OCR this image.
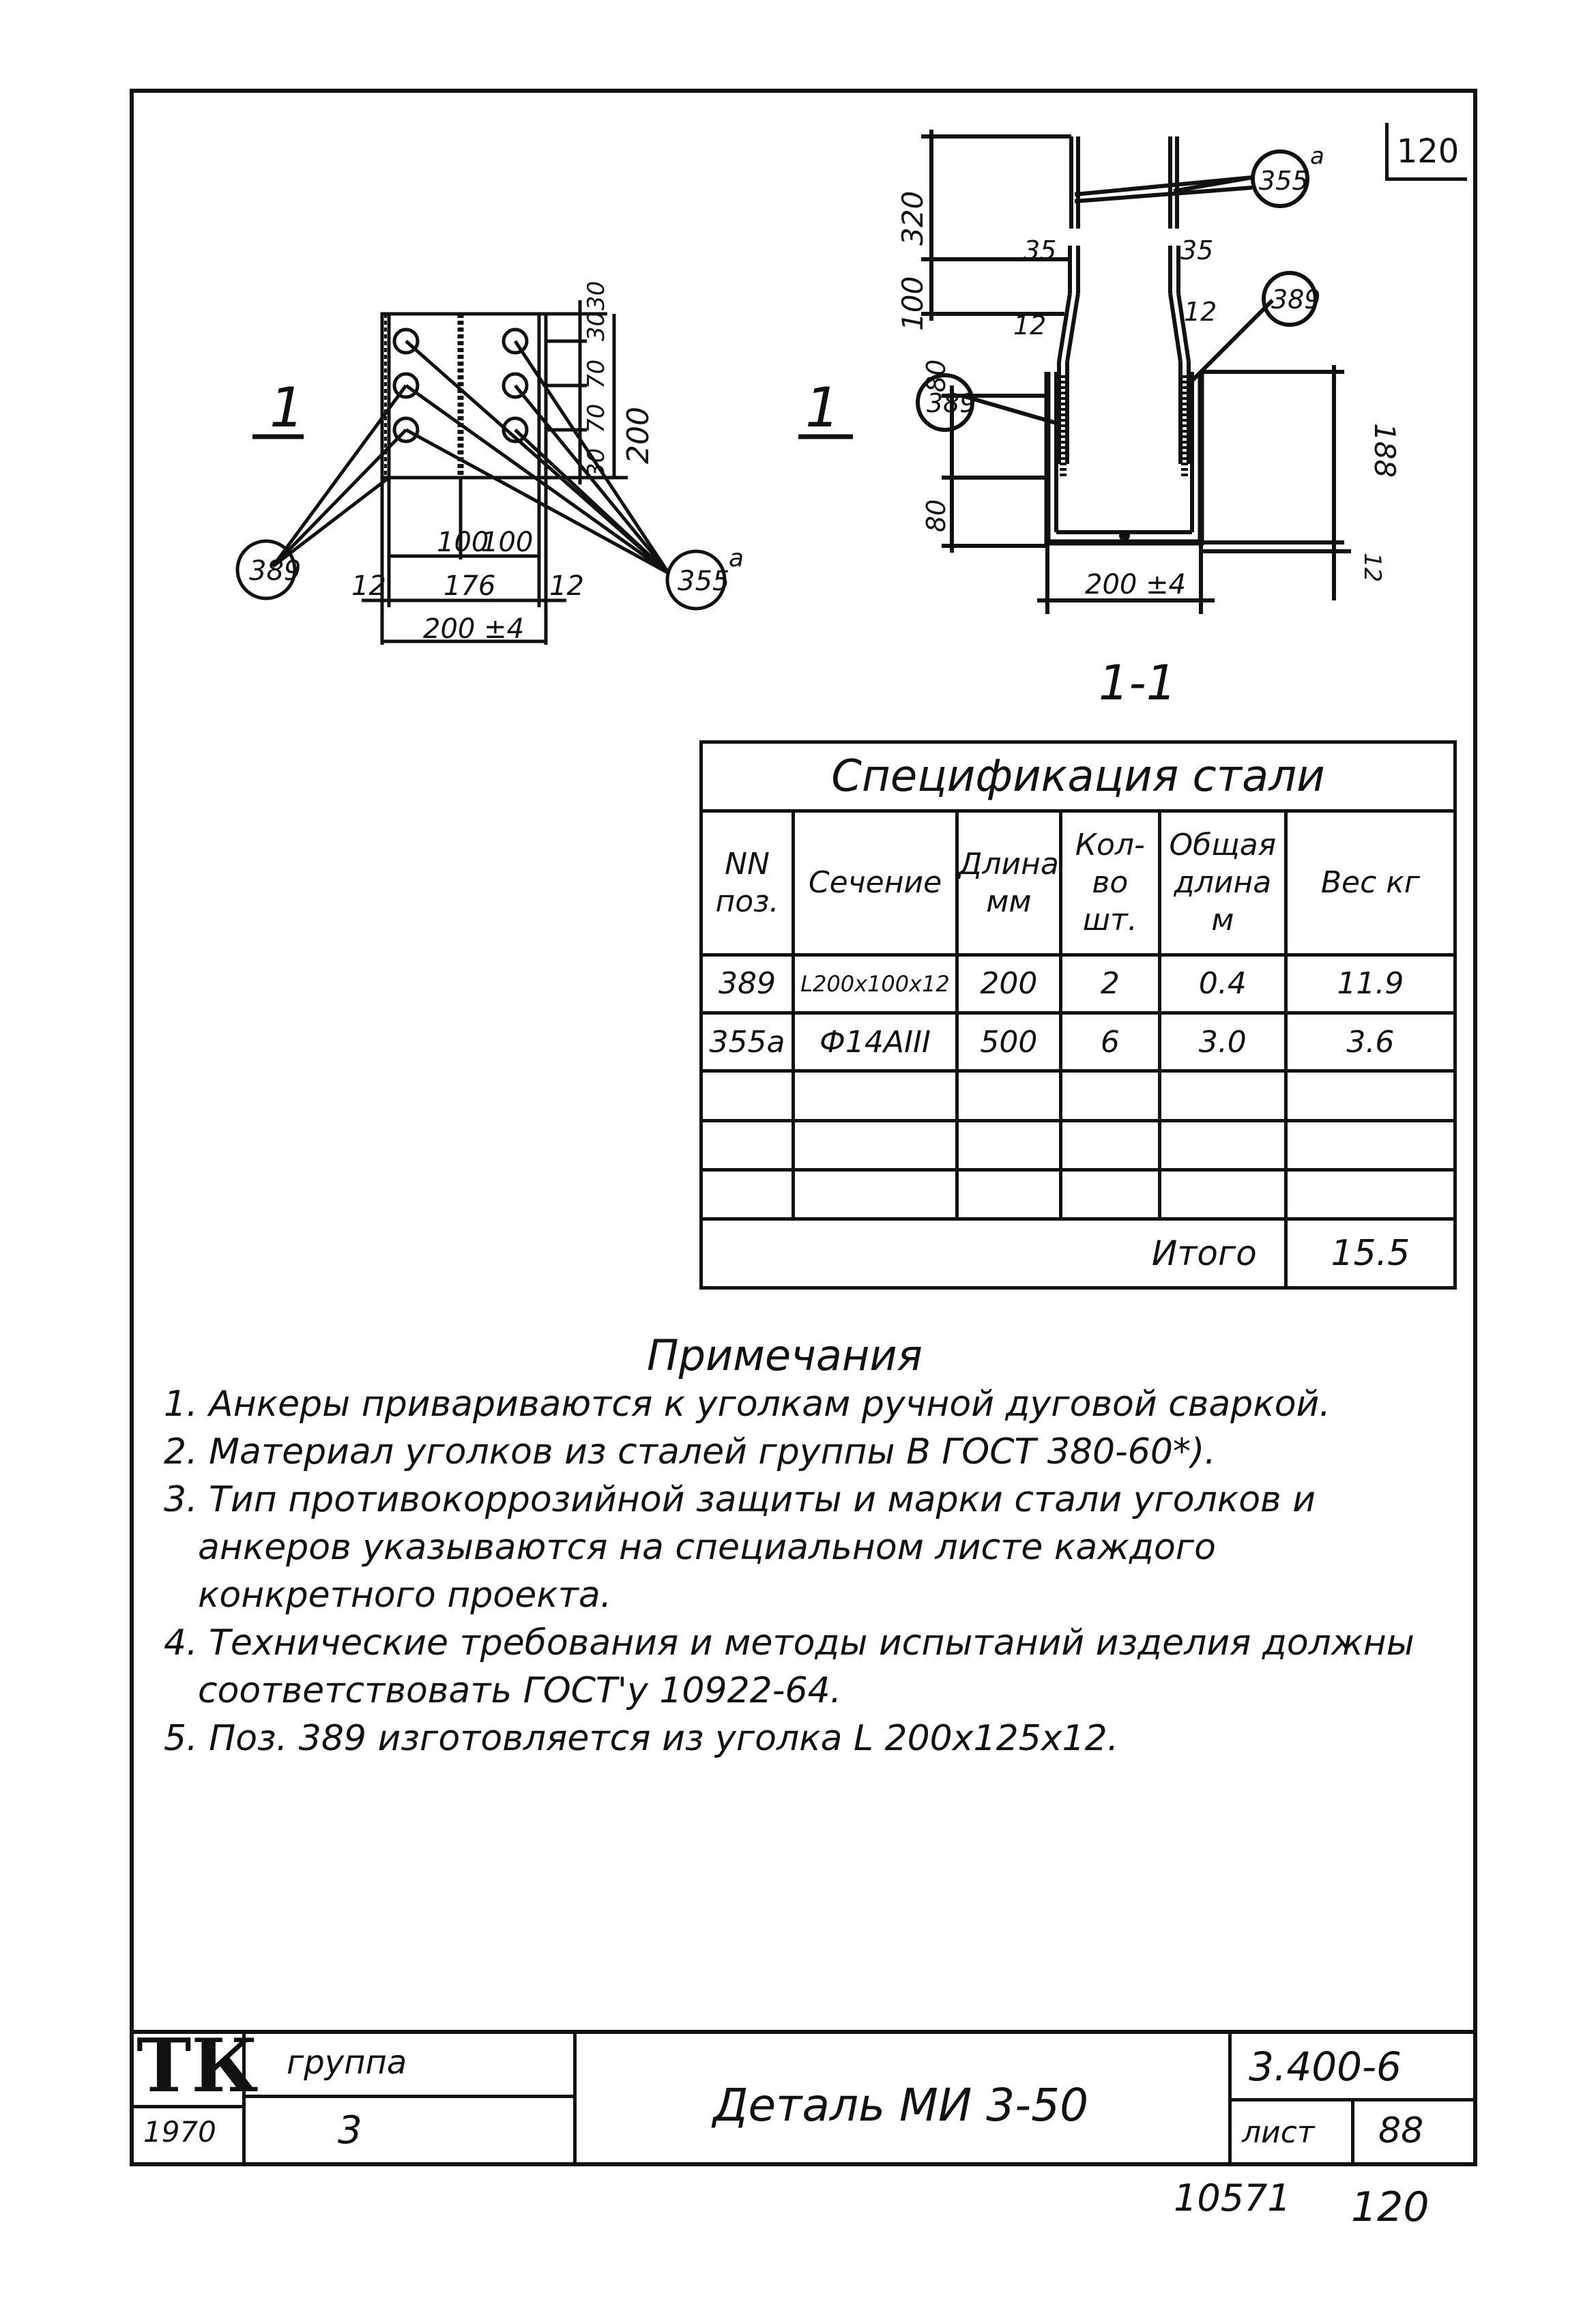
120
1	1
389	355
a
100
100
176
12	12
200 ±4
200
30
70
70
30
30
355
a
389
389
35	35
12	12
200 ±4
1-1
320
100
80
80
188
12
Спецификация стали					
NN поз.	Сечение	Длина мм	Кол-во шт.	Общая длина м	Вес кг
389	L200x100x12	200	2	0.4	11.9
355a	Ф14АIII	500	6	3.0	3.6

Итого					15.5
Примечания

1. Анкеры привариваются к уголкам ручной дуговой сваркой.

2. Материал уголков из сталей группы В ГОСТ 380-60*).

3. Тип противокоррозийной защиты и марки стали уголков и анкеров указываются на специальном листе каждого конкретного проекта.

4. Технические требования и методы испытаний изделия должны соответствовать ГОСТ'у 10922-64.

5. Поз. 389 изготовляется из уголка L 200x125x12.

ТК
1970
группа
3	Деталь МИ 3-50
3.400-6
лист 88
10571 120
